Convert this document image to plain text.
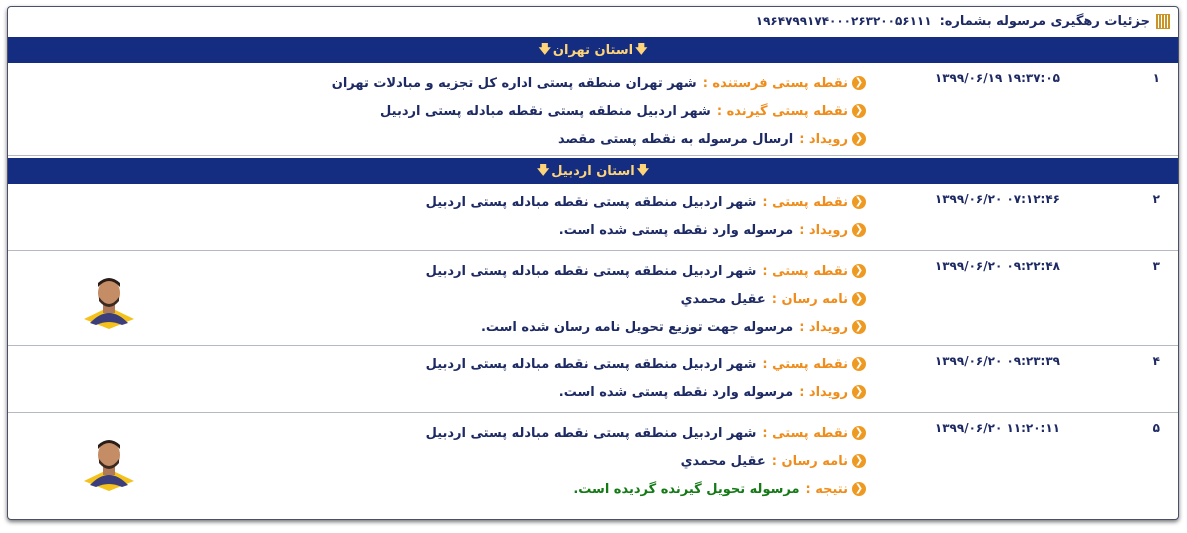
جزئیات رهگیری مرسوله بشماره:
۱۹۶۴۷۹۹۱۷۴۰۰۰۲۶۳۲۰۰۵۶۱۱۱
🡇
استان تهران
🡇
۱
۱۳۹۹/۰۶/۱۹ ۱۹:۳۷:۰۵
❮
نقطه پستی فرستنده :
شهر تهران منطقه پستی اداره کل تجزیه و مبادلات تهران
❮
نقطه پستی گیرنده :
شهر اردبیل منطقه پستی نقطه مبادله پستی اردبیل
❮
رویداد :
ارسال مرسوله به نقطه پستی مقصد
🡇
استان اردبیل
🡇
۲
۱۳۹۹/۰۶/۲۰ ۰۷:۱۲:۴۶
❮
نقطه پستی :
شهر اردبیل منطقه پستی نقطه مبادله پستی اردبیل
❮
رویداد :
مرسوله وارد نقطه پستی شده است.
۳
۱۳۹۹/۰۶/۲۰ ۰۹:۲۲:۴۸
❮
نقطه پستی :
شهر اردبیل منطقه پستی نقطه مبادله پستی اردبیل
❮
نامه رسان :
عقیل محمدي
❮
رویداد :
مرسوله جهت توزیع تحویل نامه رسان شده است.
۴
۱۳۹۹/۰۶/۲۰ ۰۹:۲۳:۳۹
❮
نقطه پستي :
شهر اردبیل منطقه پستی نقطه مبادله پستی اردبیل
❮
رویداد :
مرسوله وارد نقطه پستی شده است.
۵
۱۳۹۹/۰۶/۲۰ ۱۱:۲۰:۱۱
❮
نقطه پستی :
شهر اردبیل منطقه پستی نقطه مبادله پستی اردبیل
❮
نامه رسان :
عقیل محمدي
❮
نتیجه :
مرسوله تحویل گیرنده گردیده است.
